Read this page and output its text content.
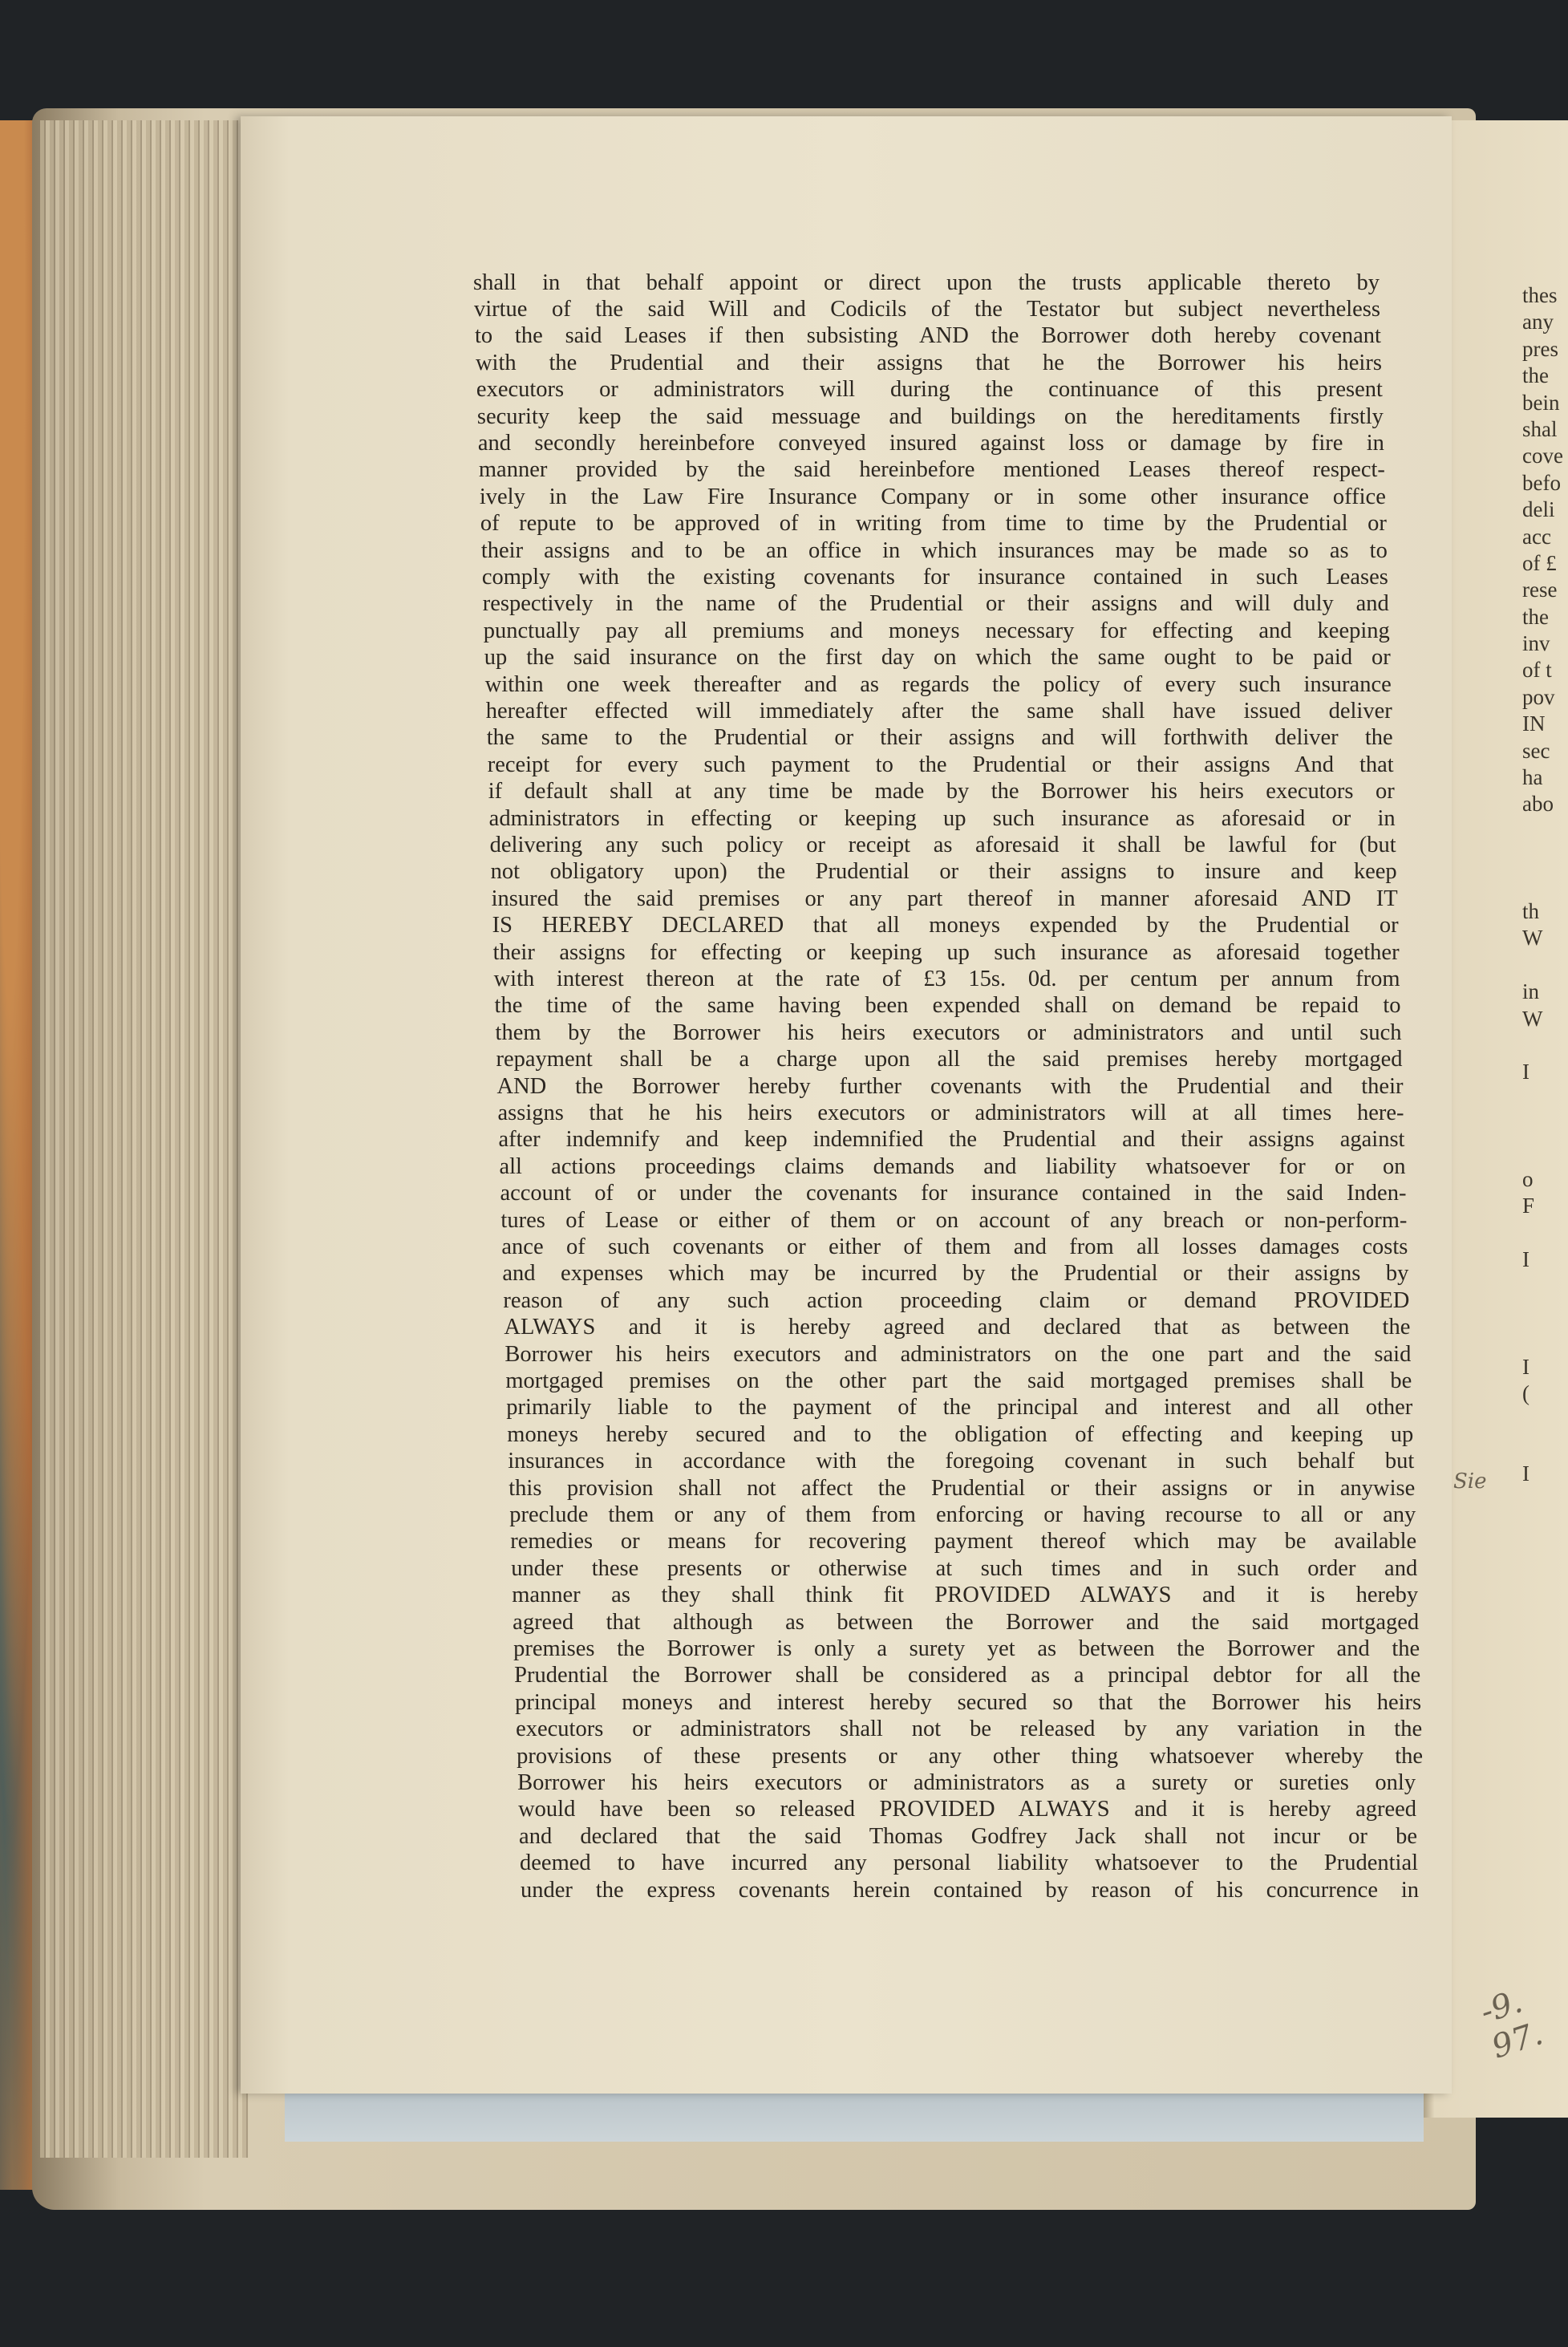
thes
any
pres
the
bein
shal
cove
befo
deli
acc
of £
rese
the
inv
of t
pov
IN
sec
ha
abo
th
W
in
W
I
o
F
I
I
(
I
shall in that behalf appoint or direct upon the trusts applicable thereto by
virtue of the said Will and Codicils of the Testator but subject nevertheless
to the said Leases if then subsisting AND the Borrower doth hereby covenant
with the Prudential and their assigns that he the Borrower his heirs
executors or administrators will during the continuance of this present
security keep the said messuage and buildings on the hereditaments firstly
and secondly hereinbefore conveyed insured against loss or damage by fire in
manner provided by the said hereinbefore mentioned Leases thereof respect-
ively in the Law Fire Insurance Company or in some other insurance office
of repute to be approved of in writing from time to time by the Prudential or
their assigns and to be an office in which insurances may be made so as to
comply with the existing covenants for insurance contained in such Leases
respectively in the name of the Prudential or their assigns and will duly and
punctually pay all premiums and moneys necessary for effecting and keeping
up the said insurance on the first day on which the same ought to be paid or
within one week thereafter and as regards the policy of every such insurance
hereafter effected will immediately after the same shall have issued deliver
the same to the Prudential or their assigns and will forthwith deliver the
receipt for every such payment to the Prudential or their assigns And that
if default shall at any time be made by the Borrower his heirs executors or
administrators in effecting or keeping up such insurance as aforesaid or in
delivering any such policy or receipt as aforesaid it shall be lawful for (but
not obligatory upon) the Prudential or their assigns to insure and keep
insured the said premises or any part thereof in manner aforesaid AND IT
IS HEREBY DECLARED that all moneys expended by the Prudential or
their assigns for effecting or keeping up such insurance as aforesaid together
with interest thereon at the rate of £3 15s. 0d. per centum per annum from
the time of the same having been expended shall on demand be repaid to
them by the Borrower his heirs executors or administrators and until such
repayment shall be a charge upon all the said premises hereby mortgaged
AND the Borrower hereby further covenants with the Prudential and their
assigns that he his heirs executors or administrators will at all times here-
after indemnify and keep indemnified the Prudential and their assigns against
all actions proceedings claims demands and liability whatsoever for or on
account of or under the covenants for insurance contained in the said Inden-
tures of Lease or either of them or on account of any breach or non-perform-
ance of such covenants or either of them and from all losses damages costs
and expenses which may be incurred by the Prudential or their assigns by
reason of any such action proceeding claim or demand PROVIDED
ALWAYS and it is hereby agreed and declared that as between the
Borrower his heirs executors and administrators on the one part and the said
mortgaged premises on the other part the said mortgaged premises shall be
primarily liable to the payment of the principal and interest and all other
moneys hereby secured and to the obligation of effecting and keeping up
insurances in accordance with the foregoing covenant in such behalf but
this provision shall not affect the Prudential or their assigns or in anywise
preclude them or any of them from enforcing or having recourse to all or any
remedies or means for recovering payment thereof which may be available
under these presents or otherwise at such times and in such order and
manner as they shall think fit PROVIDED ALWAYS and it is hereby
agreed that although as between the Borrower and the said mortgaged
premises the Borrower is only a surety yet as between the Borrower and the
Prudential the Borrower shall be considered as a principal debtor for all the
principal moneys and interest hereby secured so that the Borrower his heirs
executors or administrators shall not be released by any variation in the
provisions of these presents or any other thing whatsoever whereby the
Borrower his heirs executors or administrators as a surety or sureties only
would have been so released PROVIDED ALWAYS and it is hereby agreed
and declared that the said Thomas Godfrey Jack shall not incur or be
deemed to have incurred any personal liability whatsoever to the Prudential
under the express covenants herein contained by reason of his concurrence in
Sie
-9. 97.
